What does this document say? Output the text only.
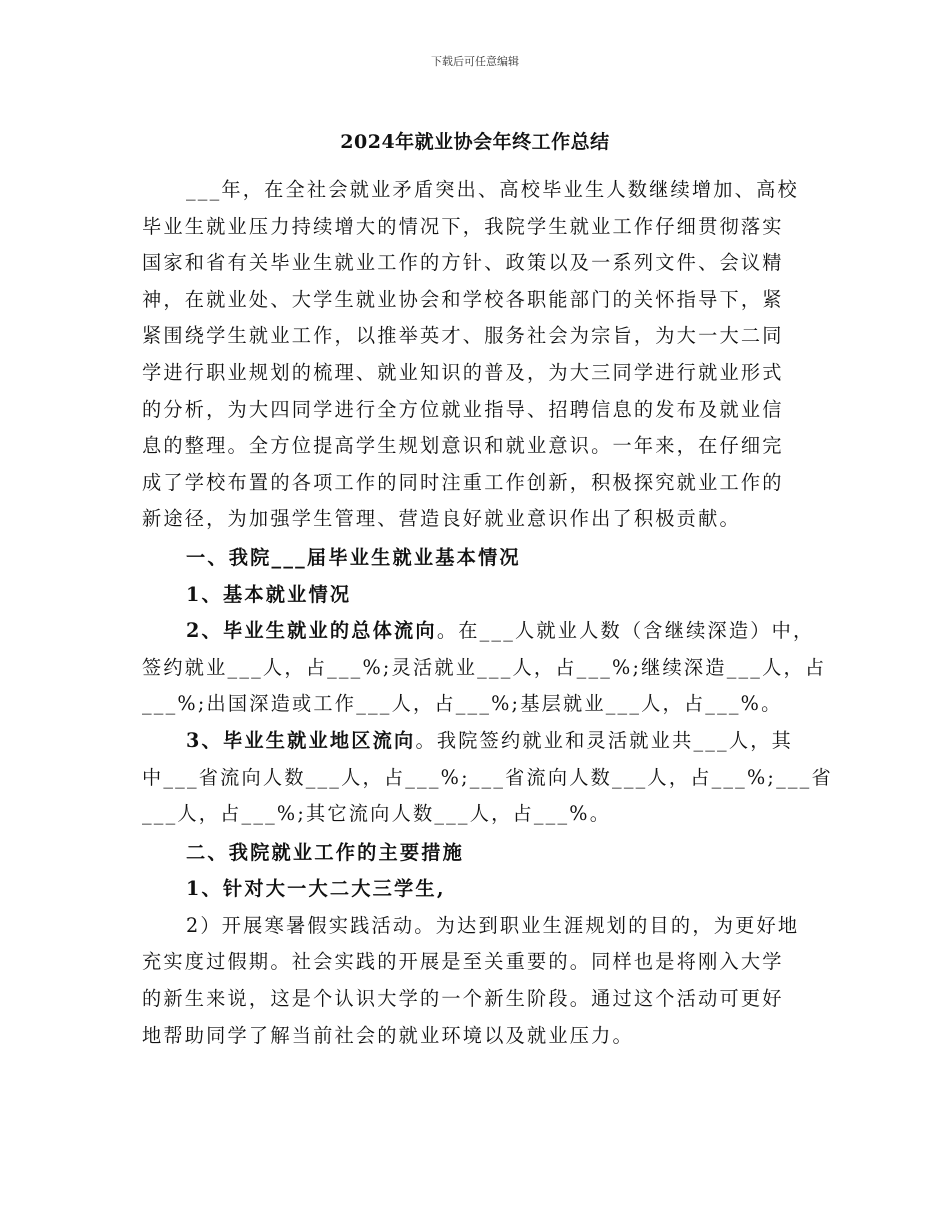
下载后可任意编辑
2024年就业协会年终工作总结
___年，在全社会就业矛盾突出、高校毕业生人数继续增加、高校
毕业生就业压力持续增大的情况下，我院学生就业工作仔细贯彻落实
国家和省有关毕业生就业工作的方针、政策以及一系列文件、会议精
神，在就业处、大学生就业协会和学校各职能部门的关怀指导下，紧
紧围绕学生就业工作，以推举英才、服务社会为宗旨，为大一大二同
学进行职业规划的梳理、就业知识的普及，为大三同学进行就业形式
的分析，为大四同学进行全方位就业指导、招聘信息的发布及就业信
息的整理。全方位提高学生规划意识和就业意识。一年来，在仔细完
成了学校布置的各项工作的同时注重工作创新，积极探究就业工作的
新途径，为加强学生管理、营造良好就业意识作出了积极贡献。
一、我院___届毕业生就业基本情况
1、基本就业情况
2、毕业生就业的总体流向。在___人就业人数（含继续深造）中，
签约就业___人，占___%;灵活就业___人，占___%;继续深造___人，占
___%;出国深造或工作___人，占___%;基层就业___人，占___%。
3、毕业生就业地区流向。我院签约就业和灵活就业共___人，其
中___省流向人数___人，占___%;___省流向人数___人，占___%;___省
___人，占___%;其它流向人数___人，占___%。
二、我院就业工作的主要措施
1、针对大一大二大三学生,
2）开展寒暑假实践活动。为达到职业生涯规划的目的，为更好地
充实度过假期。社会实践的开展是至关重要的。同样也是将刚入大学
的新生来说，这是个认识大学的一个新生阶段。通过这个活动可更好
地帮助同学了解当前社会的就业环境以及就业压力。
